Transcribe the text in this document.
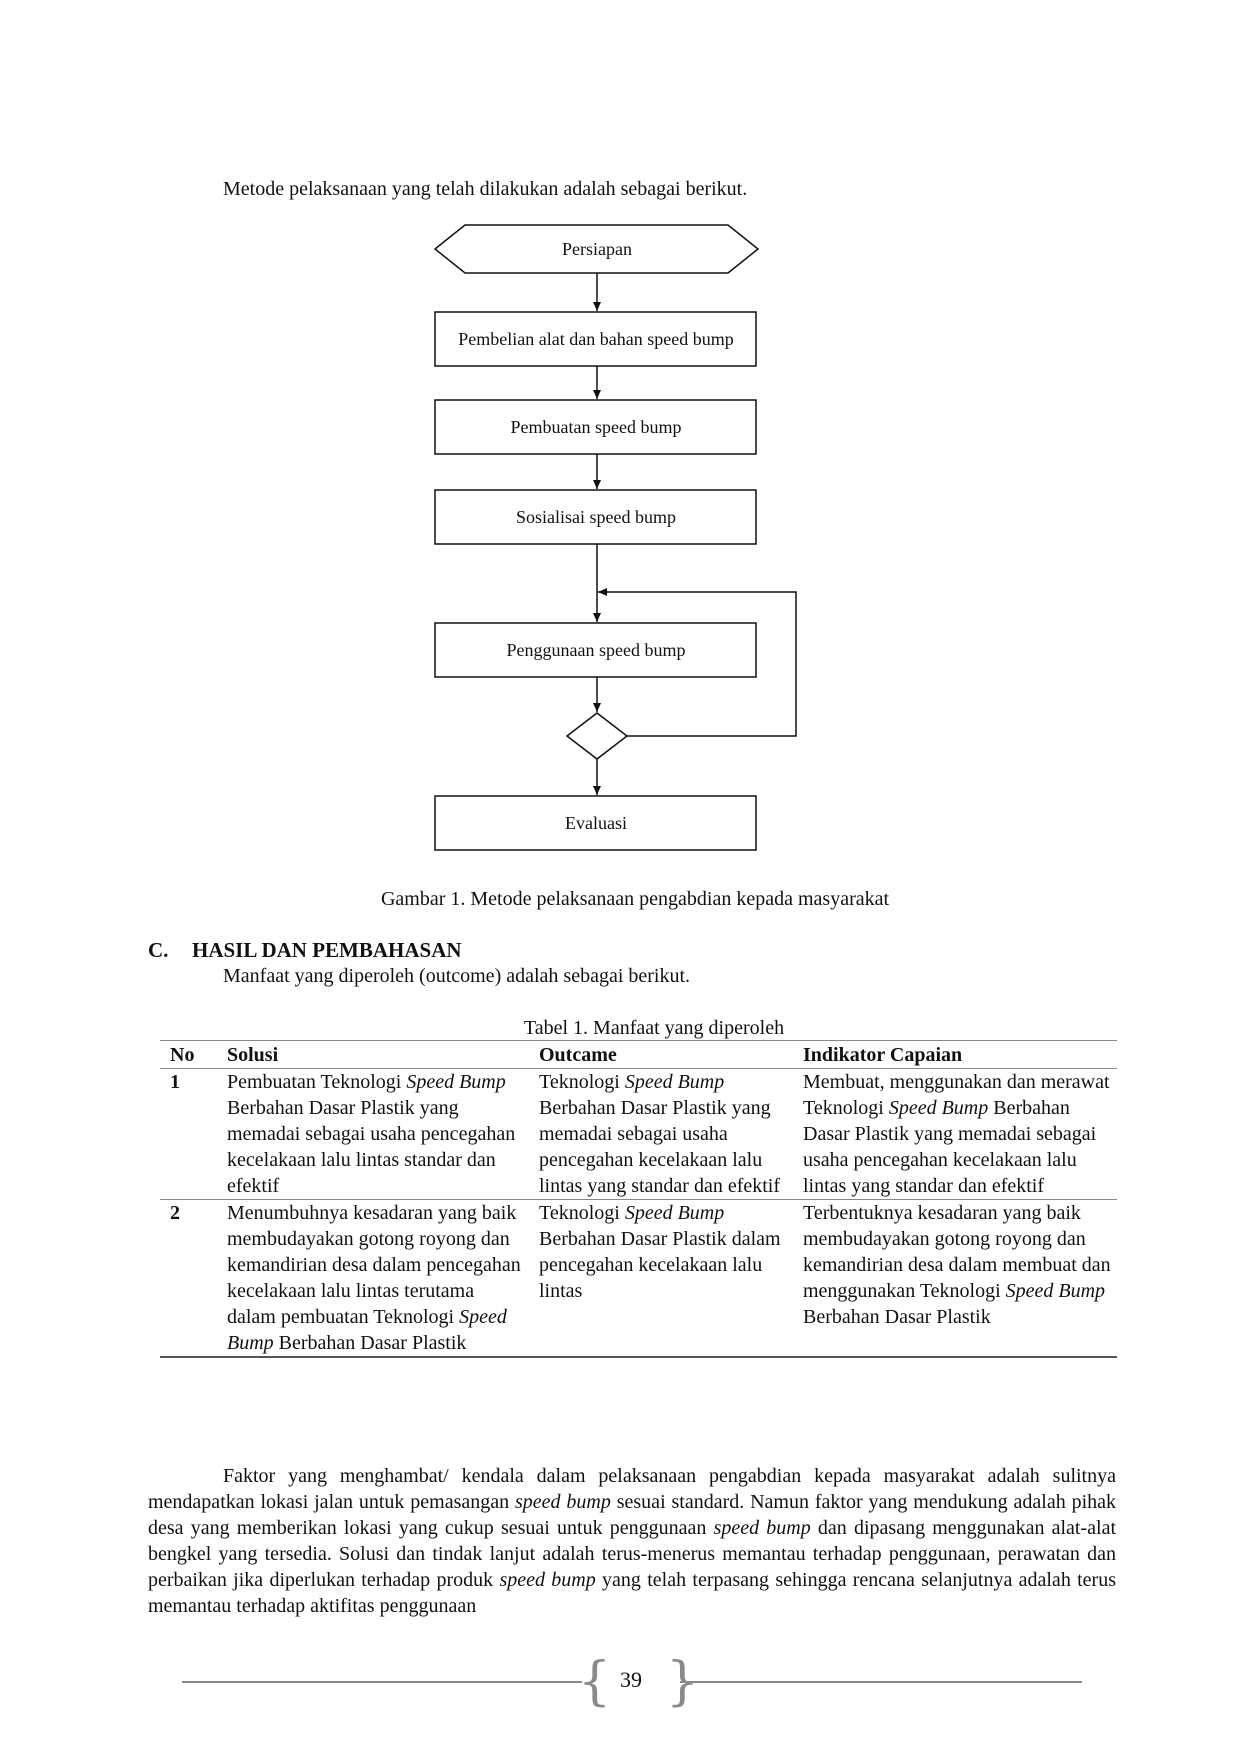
Metode pelaksanaan yang telah dilakukan adalah sebagai berikut.
Persiapan
Pembelian alat dan bahan speed bump
Pembuatan speed bump
Sosialisai speed bump
Penggunaan speed bump
Evaluasi
Gambar 1. Metode pelaksanaan pengabdian kepada masyarakat
C. HASIL DAN PEMBAHASAN
Manfaat yang diperoleh (outcome) adalah sebagai berikut.
Tabel 1. Manfaat yang diperoleh
No	Solusi	Outcame	Indikator Capaian
1	Pembuatan Teknologi Speed Bump Berbahan Dasar Plastik yang memadai sebagai usaha pencegahan kecelakaan lalu lintas standar dan efektif	Teknologi Speed Bump Berbahan Dasar Plastik yang memadai sebagai usaha pencegahan kecelakaan lalu lintas yang standar dan efektif	Membuat, menggunakan dan merawat Teknologi Speed Bump Berbahan Dasar Plastik yang memadai sebagai usaha pencegahan kecelakaan lalu lintas yang standar dan efektif
2	Menumbuhnya kesadaran yang baik membudayakan gotong royong dan kemandirian desa dalam pencegahan kecelakaan lalu lintas terutama dalam pembuatan Teknologi Speed Bump Berbahan Dasar Plastik	Teknologi Speed Bump Berbahan Dasar Plastik dalam pencegahan kecelakaan lalu lintas	Terbentuknya kesadaran yang baik membudayakan gotong royong dan kemandirian desa dalam membuat dan menggunakan Teknologi Speed Bump Berbahan Dasar Plastik
Faktor yang menghambat/ kendala dalam pelaksanaan pengabdian kepada masyarakat adalah sulitnya mendapatkan lokasi jalan untuk pemasangan speed bump sesuai standard. Namun faktor yang mendukung adalah pihak desa yang memberikan lokasi yang cukup sesuai untuk penggunaan speed bump dan dipasang menggunakan alat-alat bengkel yang tersedia. Solusi dan tindak lanjut adalah terus-menerus memantau terhadap penggunaan, perawatan dan perbaikan jika diperlukan terhadap produk speed bump yang telah terpasang sehingga rencana selanjutnya adalah terus memantau terhadap aktifitas penggunaan
{ }
39
